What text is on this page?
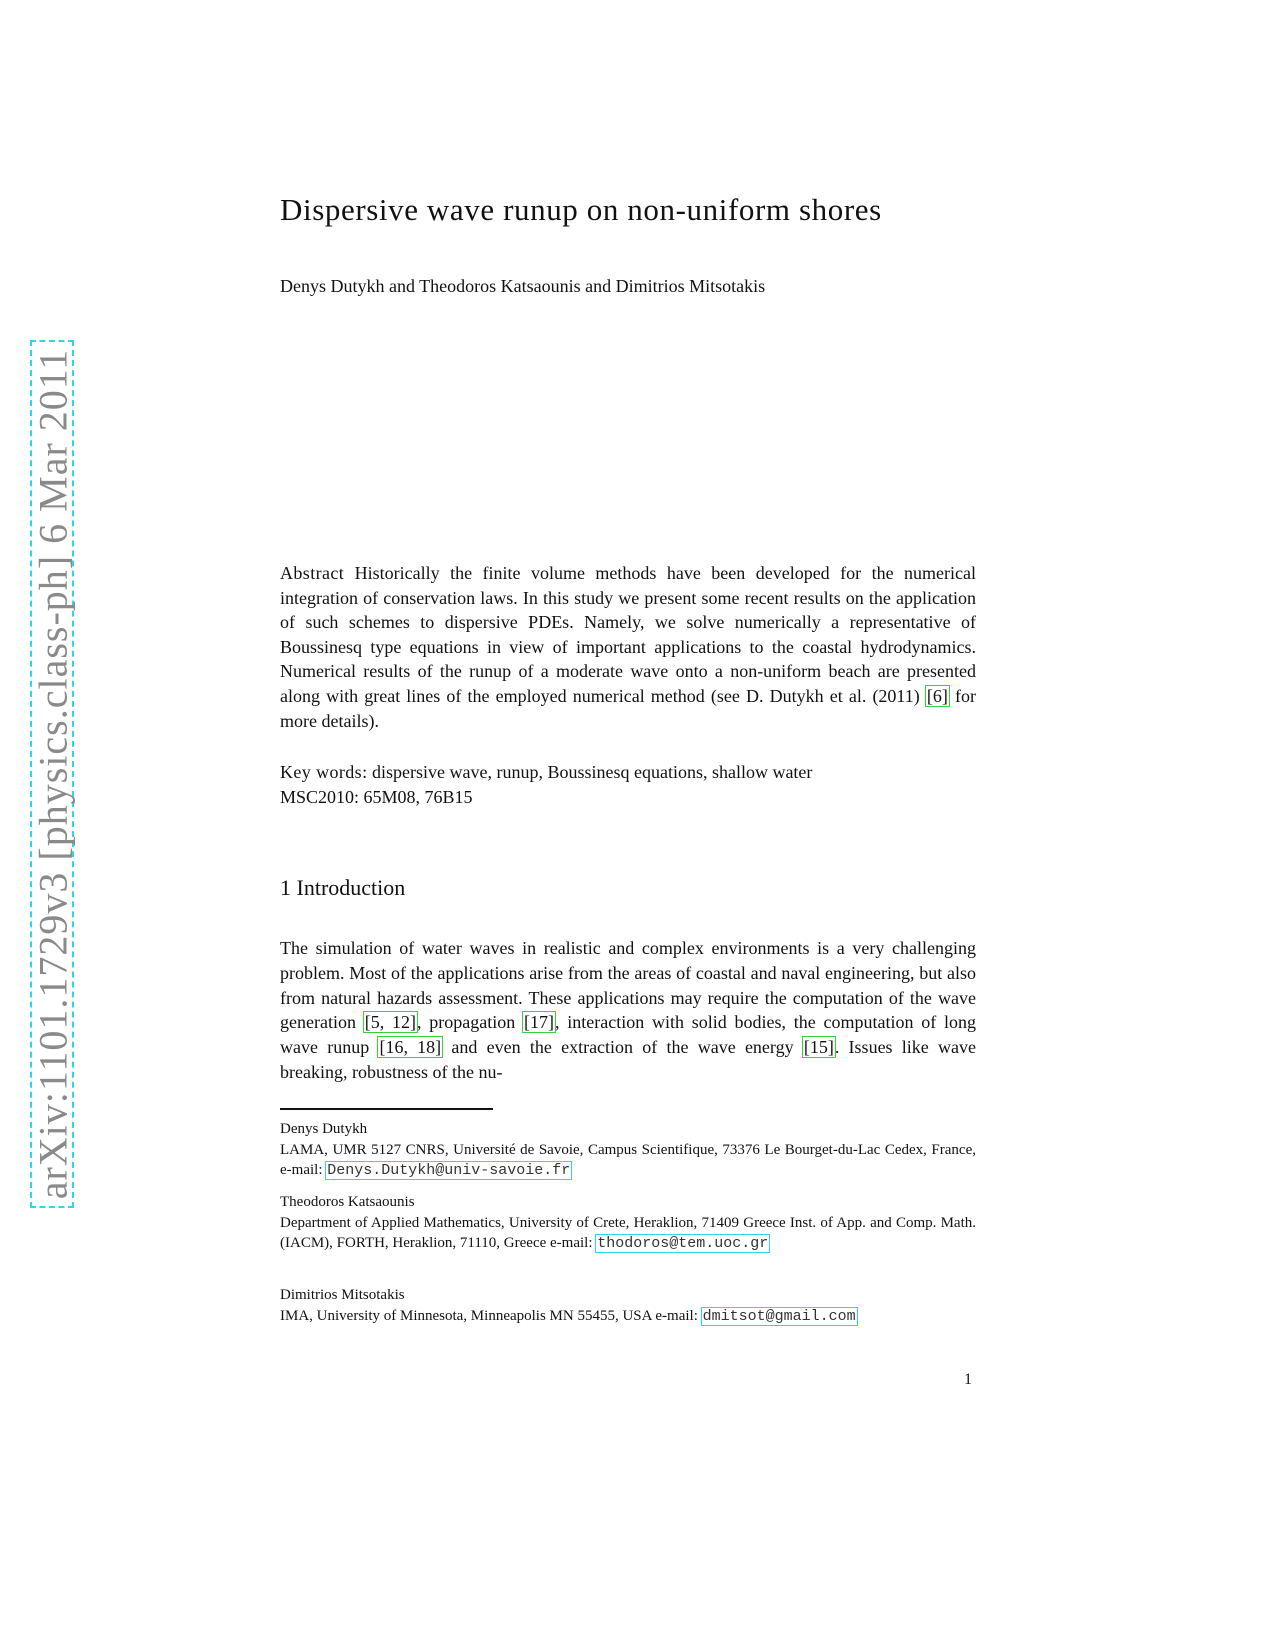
arXiv:1101.1729v3 [physics.class-ph] 6 Mar 2011
Dispersive wave runup on non-uniform shores
Denys Dutykh and Theodoros Katsaounis and Dimitrios Mitsotakis
Abstract Historically the finite volume methods have been developed for the numerical integration of conservation laws. In this study we present some recent results on the application of such schemes to dispersive PDEs. Namely, we solve numerically a representative of Boussinesq type equations in view of important applications to the coastal hydrodynamics. Numerical results of the runup of a moderate wave onto a non-uniform beach are presented along with great lines of the employed numerical method (see D. Dutykh et al. (2011) [6] for more details).
Key words: dispersive wave, runup, Boussinesq equations, shallow water
MSC2010: 65M08, 76B15
1 Introduction
The simulation of water waves in realistic and complex environments is a very challenging problem. Most of the applications arise from the areas of coastal and naval engineering, but also from natural hazards assessment. These applications may require the computation of the wave generation [5, 12], propagation [17], interaction with solid bodies, the computation of long wave runup [16, 18] and even the extraction of the wave energy [15]. Issues like wave breaking, robustness of the nu-
Denys Dutykh
LAMA, UMR 5127 CNRS, Université de Savoie, Campus Scientifique, 73376 Le Bourget-du-Lac Cedex, France, e-mail: Denys.Dutykh@univ-savoie.fr
Theodoros Katsaounis
Department of Applied Mathematics, University of Crete, Heraklion, 71409 Greece Inst. of App. and Comp. Math. (IACM), FORTH, Heraklion, 71110, Greece e-mail: thodoros@tem.uoc.gr
Dimitrios Mitsotakis
IMA, University of Minnesota, Minneapolis MN 55455, USA e-mail: dmitsot@gmail.com
1
